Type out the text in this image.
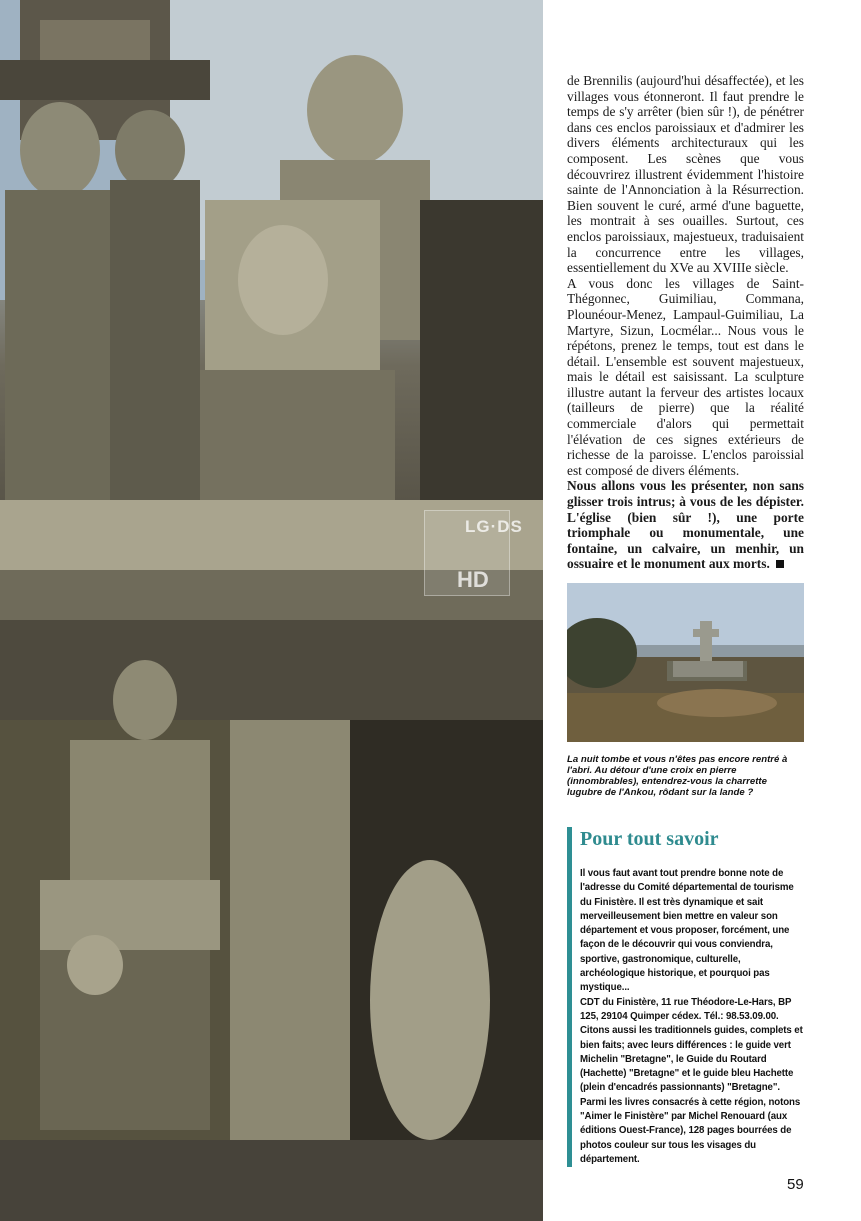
LG·DS
HD

de Brennilis (aujourd'hui désaffectée), et les villages vous étonneront. Il faut prendre le temps de s'y arrêter (bien sûr !), de pénétrer dans ces enclos paroissiaux et d'admirer les divers éléments architecturaux qui les composent. Les scènes que vous découvrirez illustrent évidemment l'histoire sainte de l'Annonciation à la Résurrection. Bien souvent le curé, armé d'une baguette, les montrait à ses ouailles. Surtout, ces enclos paroissiaux, majestueux, traduisaient la concurrence entre les villages, essentiellement du XVe au XVIIIe siècle.

A vous donc les villages de Saint-Thégonnec, Guimiliau, Commana, Plounéour-Menez, Lampaul-Guimiliau, La Martyre, Sizun, Locmélar... Nous vous le répétons, prenez le temps, tout est dans le détail. L'ensemble est souvent majestueux, mais le détail est saisissant. La sculpture illustre autant la ferveur des artistes locaux (tailleurs de pierre) que la réalité commerciale d'alors qui permettait l'élévation de ces signes extérieurs de richesse de la paroisse. L'enclos paroissial est composé de divers éléments.

Nous allons vous les présenter, non sans glisser trois intrus; à vous de les dépister. L'église (bien sûr !), une porte triomphale ou monumentale, une fontaine, un calvaire, un menhir, un ossuaire et le monument aux morts.

La nuit tombe et vous n'êtes pas encore rentré à l'abri. Au détour d'une croix en pierre (innombrables), entendrez-vous la charrette lugubre de l'Ankou, rôdant sur la lande ?
Pour tout savoir

Il vous faut avant tout prendre bonne note de l'adresse du Comité départemental de tourisme du Finistère. Il est très dynamique et sait merveilleusement bien mettre en valeur son département et vous proposer, forcément, une façon de le découvrir qui vous conviendra, sportive, gastronomique, culturelle, archéologique historique, et pourquoi pas mystique...

CDT du Finistère, 11 rue Théodore-Le-Hars, BP 125, 29104 Quimper cédex. Tél.: 98.53.09.00.

Citons aussi les traditionnels guides, complets et bien faits; avec leurs différences : le guide vert Michelin "Bretagne", le Guide du Routard (Hachette) "Bretagne" et le guide bleu Hachette (plein d'encadrés passionnants) "Bretagne".

Parmi les livres consacrés à cette région, notons "Aimer le Finistère" par Michel Renouard (aux éditions Ouest-France), 128 pages bourrées de photos couleur sur tous les visages du département.

59
